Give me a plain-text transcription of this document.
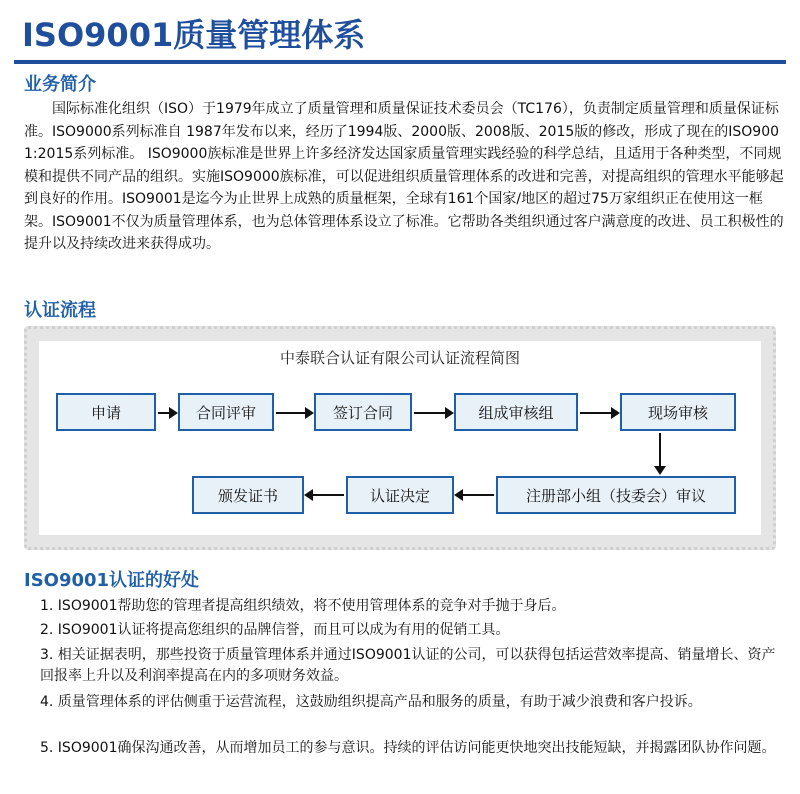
ISO9001质量管理体系
业务简介
国际标准化组织（ISO）于1979年成立了质量管理和质量保证技术委员会（TC176），负责制定质量管理和质量保证标准。ISO9000系列标准自 1987年发布以来，经历了1994版、2000版、2008版、2015版的修改，形成了现在的ISO9001:2015系列标准。 ISO9000族标准是世界上许多经济发达国家质量管理实践经验的科学总结，且适用于各种类型，不同规模和提供不同产品的组织。实施ISO9000族标准，可以促进组织质量管理体系的改进和完善，对提高组织的管理水平能够起到良好的作用。ISO9001是迄今为止世界上成熟的质量框架，全球有161个国家/地区的超过75万家组织正在使用这一框架。ISO9001不仅为质量管理体系，也为总体管理体系设立了标准。它帮助各类组织通过客户满意度的改进、员工积极性的提升以及持续改进来获得成功。
认证流程
中泰联合认证有限公司认证流程简图
申请	合同评审	签订合同	组成审核组	现场审核
注册部小组（技委会）审议
认证决定
颁发证书
ISO9001认证的好处
1. ISO9001帮助您的管理者提高组织绩效，将不使用管理体系的竞争对手抛于身后。
2. ISO9001认证将提高您组织的品牌信誉，而且可以成为有用的促销工具。
3. 相关证据表明，那些投资于质量管理体系并通过ISO9001认证的公司，可以获得包括运营效率提高、销量增长、资产回报率上升以及利润率提高在内的多项财务效益。
4. 质量管理体系的评估侧重于运营流程，这鼓励组织提高产品和服务的质量，有助于减少浪费和客户投诉。
5. ISO9001确保沟通改善，从而增加员工的参与意识。持续的评估访问能更快地突出技能短缺，并揭露团队协作问题。
